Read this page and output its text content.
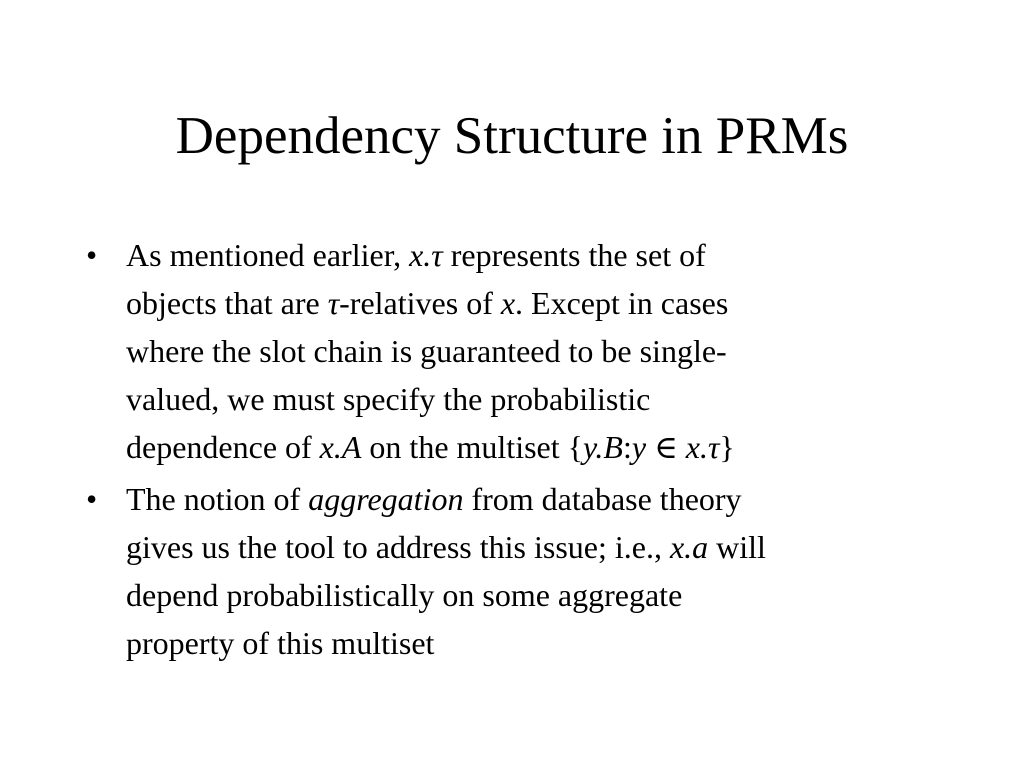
Dependency Structure in PRMs
• As mentioned earlier, x.τ represents the set of
objects that are τ-relatives of x. Except in cases
where the slot chain is guaranteed to be single-
valued, we must specify the probabilistic
dependence of x.A on the multiset {y.B:y ∈ x.τ}
• The notion of aggregation from database theory
gives us the tool to address this issue; i.e., x.a will
depend probabilistically on some aggregate
property of this multiset
